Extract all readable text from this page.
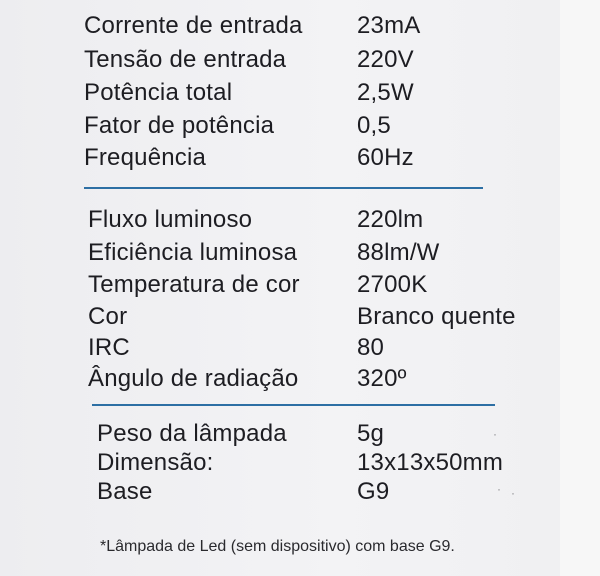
Corrente de entrada 23mA
Tensão de entrada	220V
Potência total	2,5W
Fator de potência	0,5
Frequência	60Hz
Fluxo luminoso	220lm
Eficiência luminosa 88lm/W
Temperatura de cor 2700K
Cor	Branco quente
IRC	80
Ângulo de radiação 320º
Peso da lâmpada	5g
Dimensão:	13x13x50mm
Base	G9
*Lâmpada de Led (sem dispositivo) com base G9.
·
· ·
